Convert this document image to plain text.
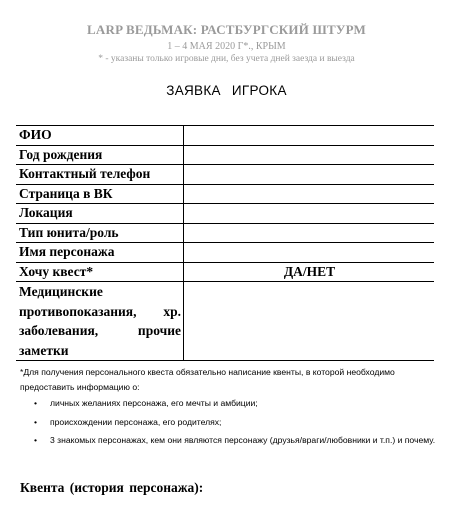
LARP ВЕДЬМАК: РАСТБУРГСКИЙ ШТУРМ
1 – 4 МАЯ 2020 Г*., КРЫМ
* - указаны только игровые дни, без учета дней заезда и выезда
ЗАЯВКА ИГРОКА
ФИО	
Год рождения	
Контактный телефон	
Страница в ВК	
Локация	
Тип юнита/роль	
Имя персонажа	
Хочу квест*	ДА/НЕТ
Медицинские противопоказания, хр. заболевания, прочие заметки	

*Для получения персонального квеста обязательно написание квенты, в которой необходимо предоставить информацию о:

• личных желаниях персонажа, его мечты и амбиции;
• происхождении персонажа, его родителях;
• 3 знакомых персонажах, кем они являются персонажу (друзья/враги/любовники и т.п.) и почему.
Квента (история персонажа):
